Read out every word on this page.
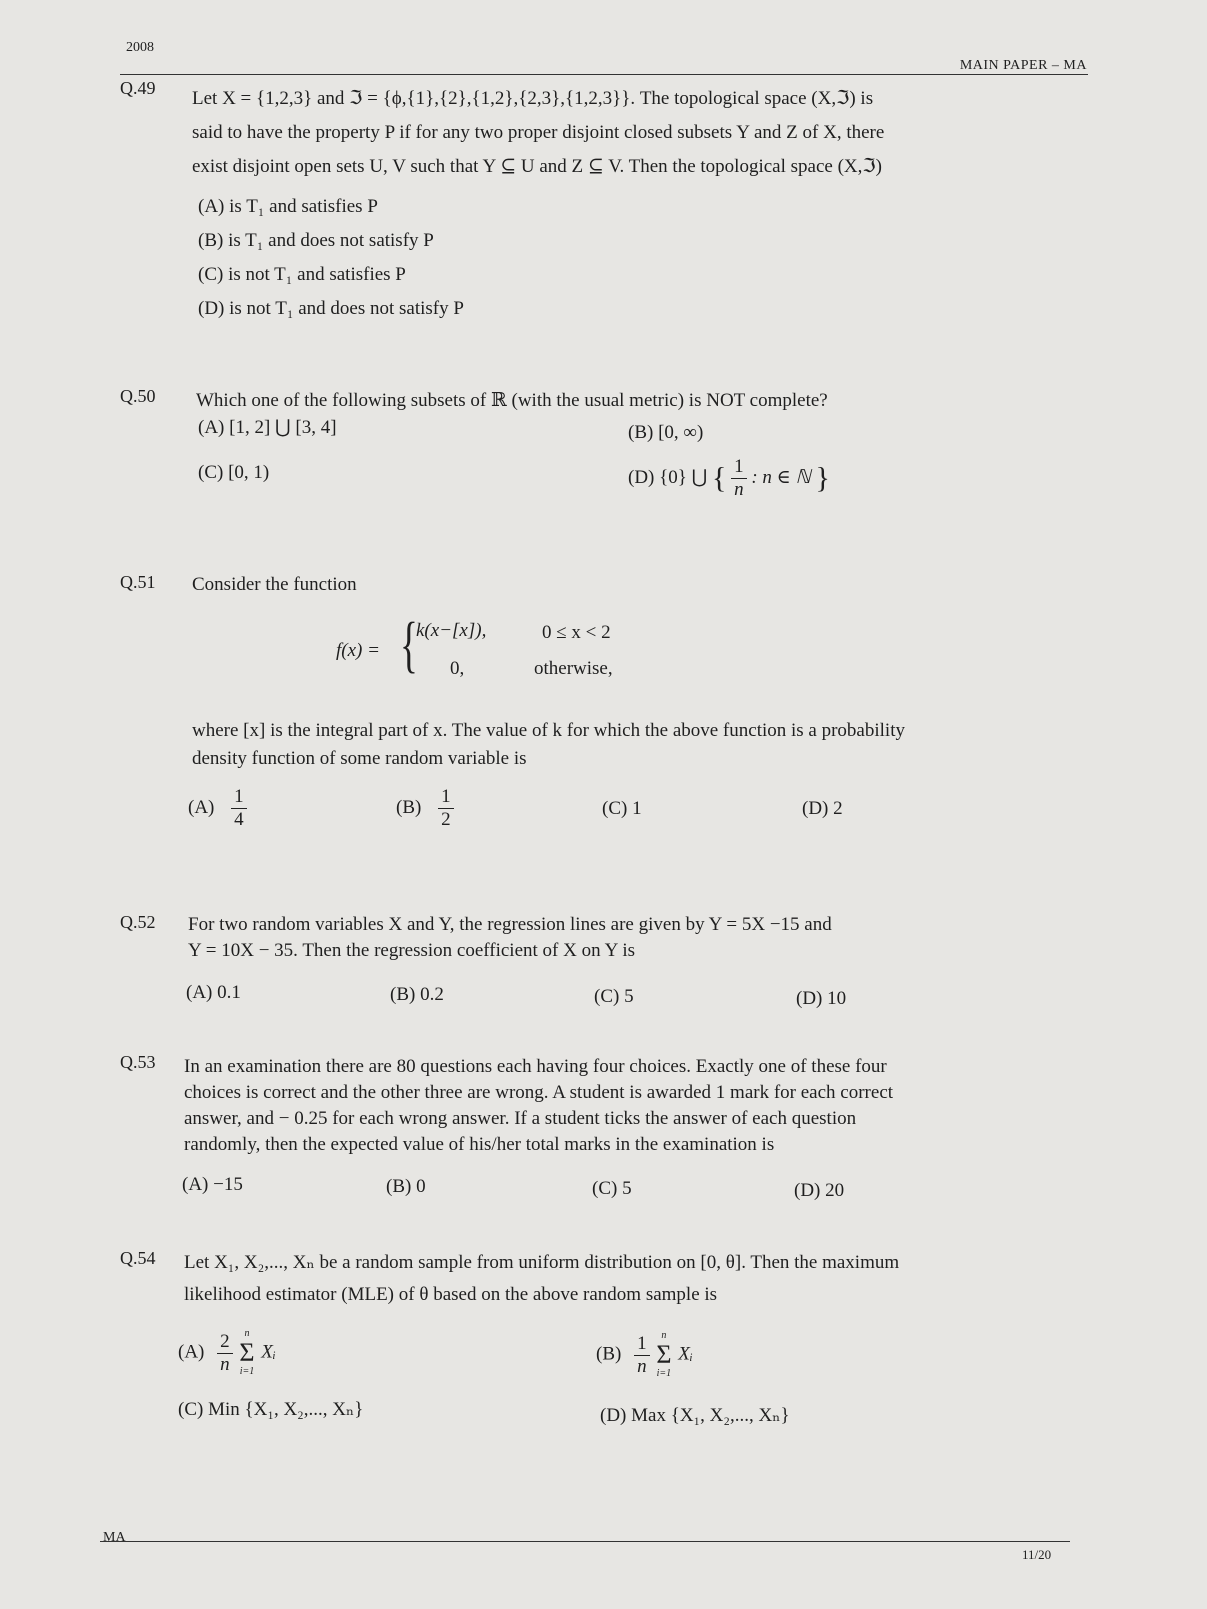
2008
MAIN PAPER – MA
Q.49 Let X = {1,2,3} and ℑ = {ϕ,{1},{2},{1,2},{2,3},{1,2,3}}. The topological space (X,ℑ) is
said to have the property P if for any two proper disjoint closed subsets Y and Z of X, there
exist disjoint open sets U, V such that Y ⊆ U and Z ⊆ V. Then the topological space (X,ℑ)
(A) is T₁ and satisfies P
(B) is T₁ and does not satisfy P
(C) is not T₁ and satisfies P
(D) is not T₁ and does not satisfy P
Q.50 Which one of the following subsets of ℝ (with the usual metric) is NOT complete?
(A) [1, 2] ⋃ [3, 4]	(B) [0, ∞)
(C) [0, 1)	(D) {0} ⋃ { $\frac{1}{n}$ : n ∈ ℕ }
Q.51 Consider the function
f(x) = {
k(x−[x]),	0 ≤ x < 2
0,	otherwise,
where [x] is the integral part of x. The value of k for which the above function is a probability
density function of some random variable is
$(A) \frac{1}{4}$	$(B) \frac{1}{2}$	(C) 1	(D) 2
Q.52 For two random variables X and Y, the regression lines are given by Y = 5X −15 and
Y = 10X − 35. Then the regression coefficient of X on Y is
(A) 0.1	(B) 0.2	(C) 5	(D) 10
Q.53 In an examination there are 80 questions each having four choices. Exactly one of these four
choices is correct and the other three are wrong. A student is awarded 1 mark for each correct
answer, and − 0.25 for each wrong answer. If a student ticks the answer of each question
randomly, then the expected value of his/her total marks in the examination is
(A) −15	(B) 0	(C) 5	(D) 20
Q.54 Let X₁, X₂,..., Xₙ be a random sample from uniform distribution on [0, θ]. Then the maximum
likelihood estimator (MLE) of θ based on the above random sample is
$(A) \frac{2}{n}$
n
Σ
i=1
Xᵢ	$(B) \frac{1}{n}$
n
Σ
i=1
Xᵢ
(C) Min {X₁, X₂,..., Xₙ}	(D) Max {X₁, X₂,..., Xₙ}
MA
11/20
